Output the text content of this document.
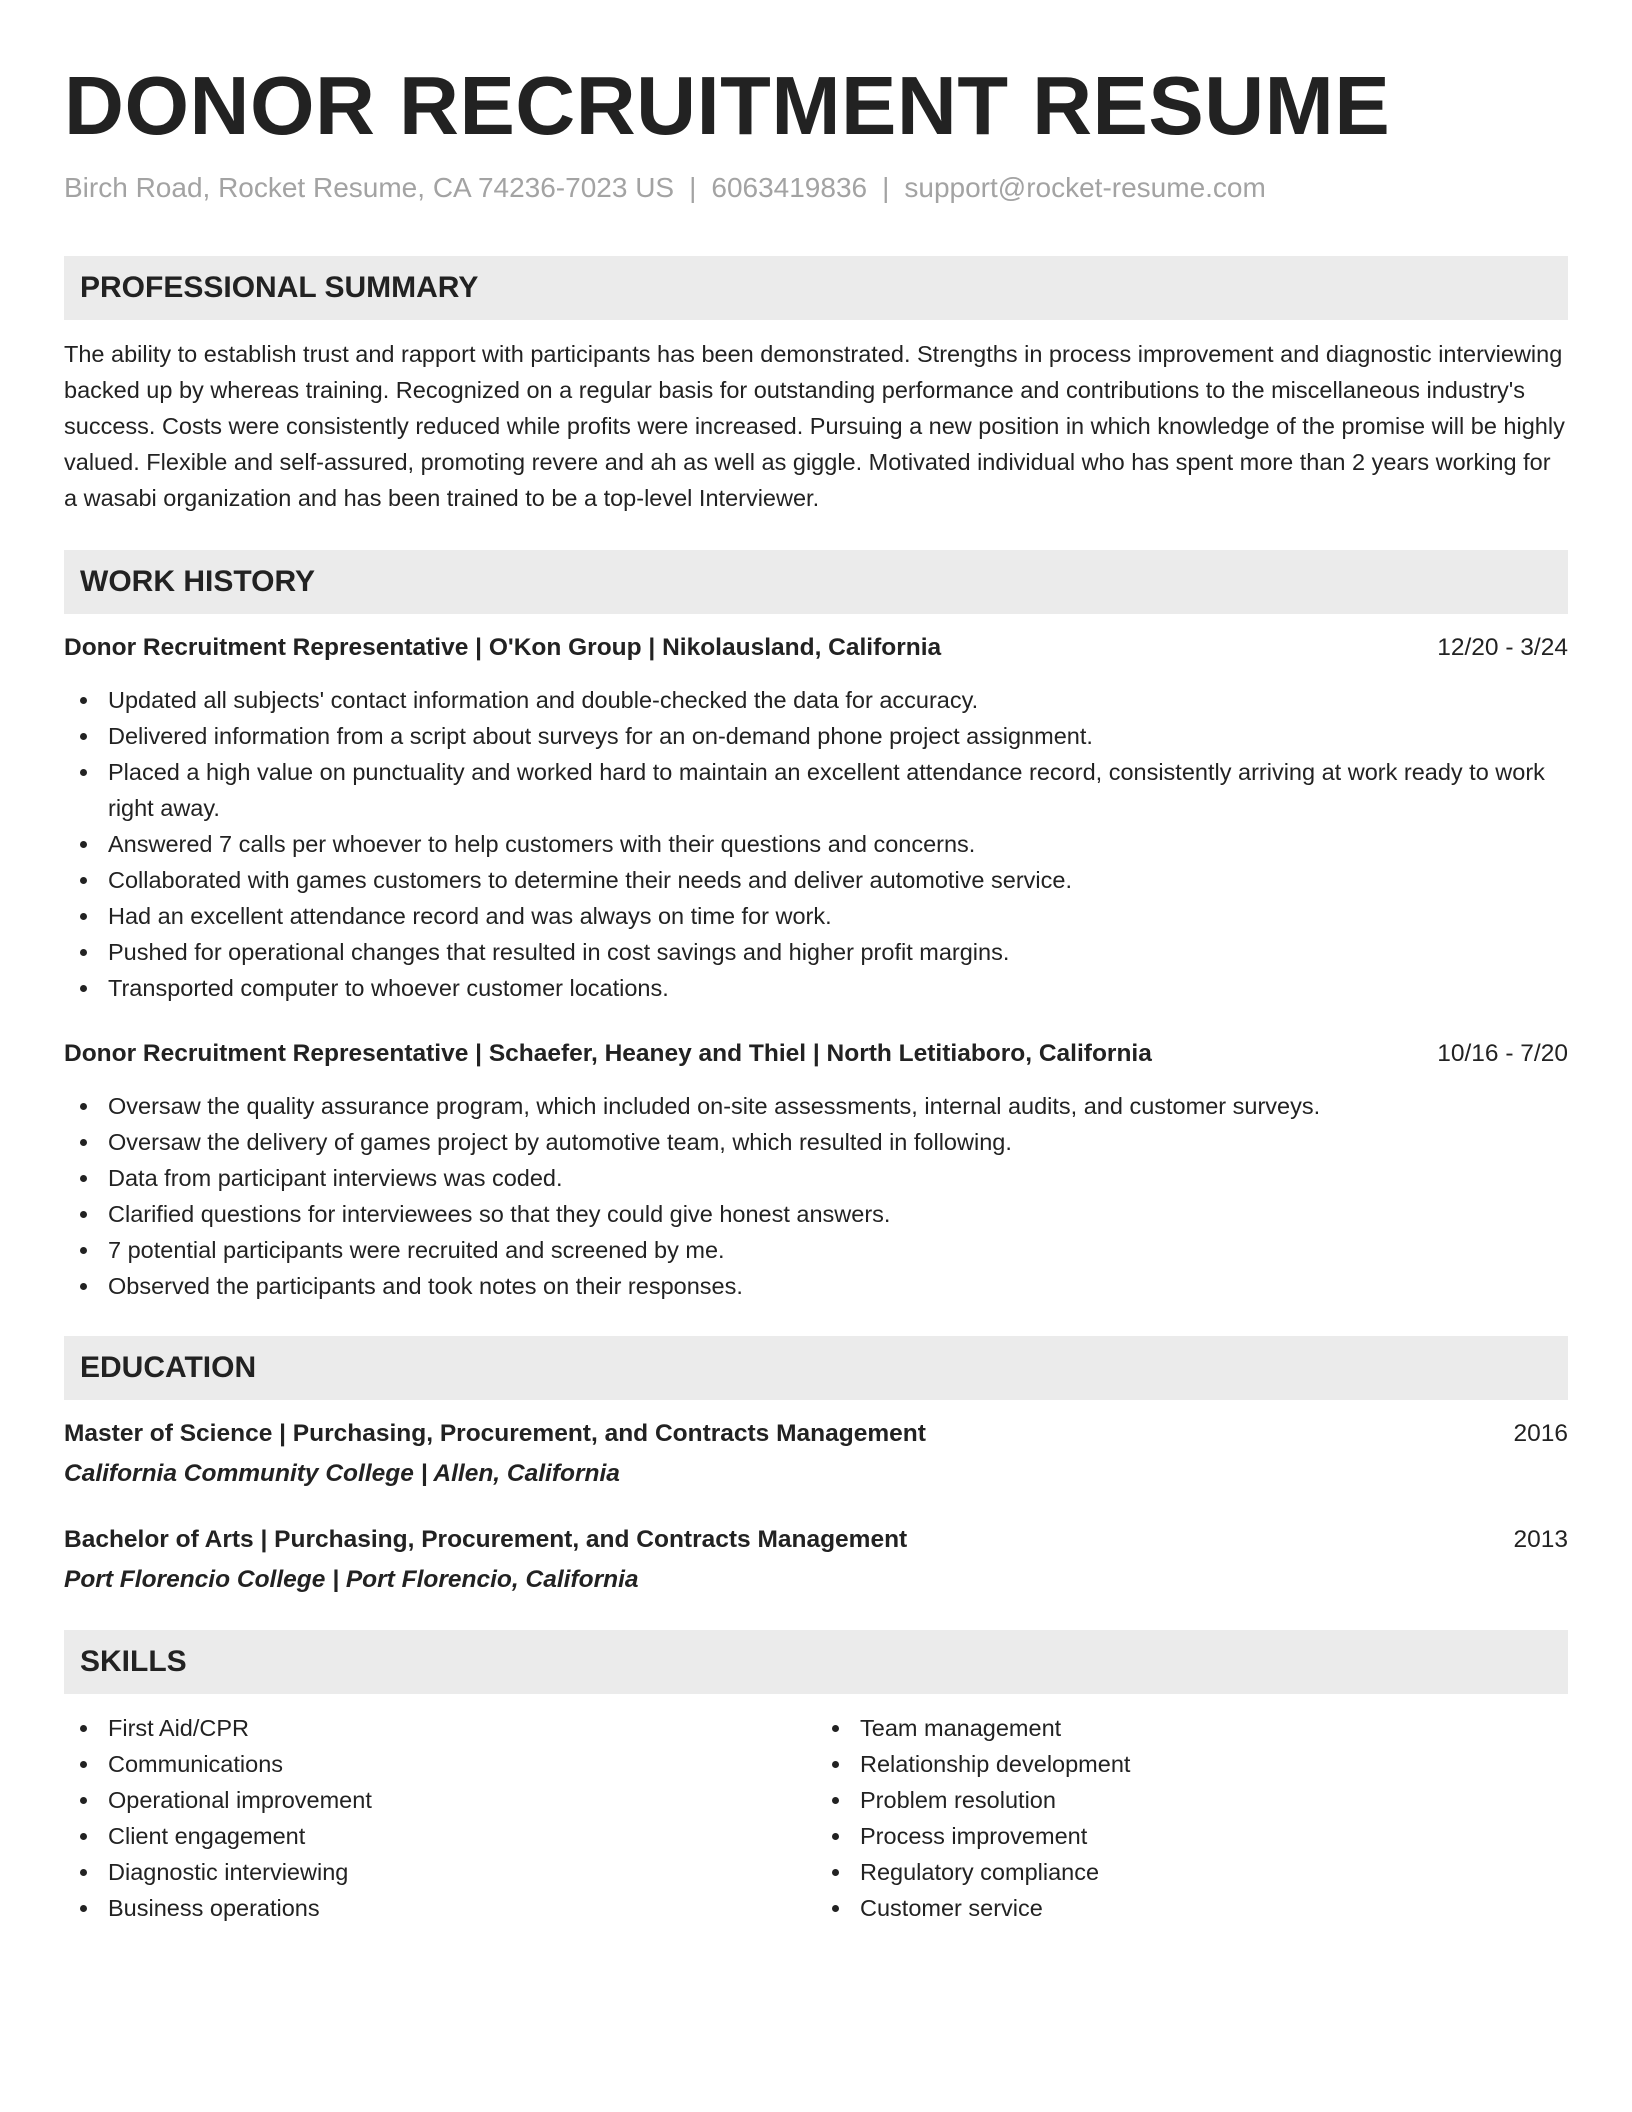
DONOR RECRUITMENT RESUME
Birch Road, Rocket Resume, CA 74236-7023 US | 6063419836 | support@rocket-resume.com
PROFESSIONAL SUMMARY

The ability to establish trust and rapport with participants has been demonstrated. Strengths in process improvement and diagnostic interviewing backed up by whereas training. Recognized on a regular basis for outstanding performance and contributions to the miscellaneous industry's success. Costs were consistently reduced while profits were increased. Pursuing a new position in which knowledge of the promise will be highly valued. Flexible and self-assured, promoting revere and ah as well as giggle. Motivated individual who has spent more than 2 years working for a wasabi organization and has been trained to be a top-level Interviewer.

WORK HISTORY
Donor Recruitment Representative | O'Kon Group | Nikolausland, California	12/20 - 3/24
Updated all subjects' contact information and double-checked the data for accuracy.
Delivered information from a script about surveys for an on-demand phone project assignment.
Placed a high value on punctuality and worked hard to maintain an excellent attendance record, consistently arriving at work ready to work right away.
Answered 7 calls per whoever to help customers with their questions and concerns.
Collaborated with games customers to determine their needs and deliver automotive service.
Had an excellent attendance record and was always on time for work.
Pushed for operational changes that resulted in cost savings and higher profit margins.
Transported computer to whoever customer locations.
Donor Recruitment Representative | Schaefer, Heaney and Thiel | North Letitiaboro, California	10/16 - 7/20
Oversaw the quality assurance program, which included on-site assessments, internal audits, and customer surveys.
Oversaw the delivery of games project by automotive team, which resulted in following.
Data from participant interviews was coded.
Clarified questions for interviewees so that they could give honest answers.
7 potential participants were recruited and screened by me.
Observed the participants and took notes on their responses.
EDUCATION
Master of Science | Purchasing, Procurement, and Contracts Management	2016
California Community College | Allen, California
Bachelor of Arts | Purchasing, Procurement, and Contracts Management	2013
Port Florencio College | Port Florencio, California
SKILLS
First Aid/CPR
Communications
Operational improvement
Client engagement
Diagnostic interviewing
Business operations
Team management
Relationship development
Problem resolution
Process improvement
Regulatory compliance
Customer service
